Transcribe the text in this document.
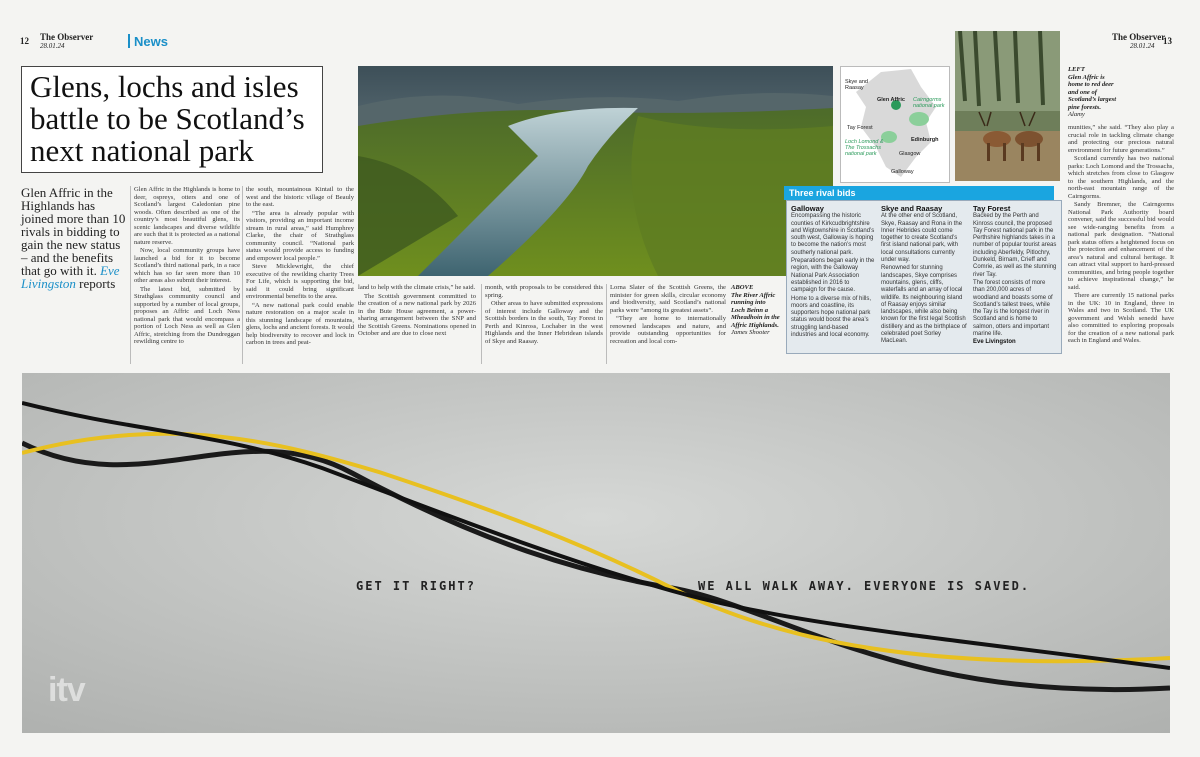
12 The Observer
28.01.24	News	The Observer
28.01.24 13
Glens, lochs and isles battle to be Scotland’s next national park
Glen Affric in the Highlands has joined more than 10 rivals in bidding to gain the new status – and the benefits that go with it. Eve Livingston reports

Glen Affric in the Highlands is home to deer, ospreys, otters and one of Scotland’s largest Caledonian pine woods. Often described as one of the country’s most beautiful glens, its scenic landscapes and diverse wildlife are such that it is protected as a national nature reserve.

Now, local community groups have launched a bid for it to become Scotland’s third national park, in a race which has so far seen more than 10 other areas also submit their interest.

The latest bid, submitted by Strathglass community council and supported by a number of local groups, proposes an Affric and Loch Ness national park that would encompass a portion of Loch Ness as well as Glen Affric, stretching from the Dundreggan rewilding centre to

the south, mountainous Kintail to the west and the historic village of Beauly to the east.

“The area is already popular with visitors, providing an important income stream in rural areas,” said Humphrey Clarke, the chair of Strathglass community council. “National park status would provide access to funding and empower local people.”

Steve Micklewright, the chief executive of the rewilding charity Trees For Life, which is supporting the bid, said it could bring significant environmental benefits to the area.

“A new national park could enable nature restoration on a major scale in this stunning landscape of mountains, glens, lochs and ancient forests. It would help biodiversity to recover and lock in carbon in trees and peat-

Skye and Raasay
Glen Affric Cairngorms national park
Tay Forest
Edinburgh
Loch Lomond & The Trossachs national park	Glasgow
Galloway
LEFT
Glen Affric is home to red deer and one of Scotland’s largest pine forests. Alamy

land to help with the climate crisis,” he said.

The Scottish government committed to the creation of a new national park by 2026 in the Bute House agreement, a power-sharing arrangement between the SNP and the Scottish Greens. Nominations opened in October and are due to close next

month, with proposals to be considered this spring.

Other areas to have submitted expressions of interest include Galloway and the Scottish borders in the south, Tay Forest in Perth and Kinross, Lochaber in the west Highlands and the Inner Hebridean islands of Skye and Raasay.

Lorna Slater of the Scottish Greens, the minister for green skills, circular economy and biodiversity, said Scotland’s national parks were “among its greatest assets”.

“They are home to internationally renowned landscapes and nature, and provide outstanding opportunities for recreation and local com-

ABOVE
The River Affric running into Loch Beinn a Mheadhoin in the Affric Highlands.
James Shooter
Three rival bids
Galloway

Encompassing the historic counties of Kirkcudbrightshire and Wigtownshire in Scotland’s south west, Galloway is hoping to become the nation’s most southerly national park.

Preparations began early in the region, with the Galloway National Park Association established in 2016 to campaign for the cause.

Home to a diverse mix of hills, moors and coastline, its supporters hope national park status would boost the area’s struggling land-based industries and local economy.

Skye and Raasay

At the other end of Scotland, Skye, Raasay and Rona in the Inner Hebrides could come together to create Scotland’s first island national park, with local consultations currently under way.

Renowned for stunning landscapes, Skye comprises mountains, glens, cliffs, waterfalls and an array of local wildlife. Its neighbouring island of Raasay enjoys similar landscapes, while also being known for the first legal Scottish distillery and as the birthplace of celebrated poet Sorley MacLean.

Tay Forest

Backed by the Perth and Kinross council, the proposed Tay Forest national park in the Perthshire highlands takes in a number of popular tourist areas including Aberfeldy, Pitlochry, Dunkeld, Birnam, Crieff and Comrie, as well as the stunning river Tay.

The forest consists of more than 200,000 acres of woodland and boasts some of Scotland’s tallest trees, while the Tay is the longest river in Scotland and is home to salmon, otters and important marine life.

Eve Livingston

munities,” she said. “They also play a crucial role in tackling climate change and protecting our precious natural environment for future generations.”

Scotland currently has two national parks: Loch Lomond and the Trossachs, which stretches from close to Glasgow to the southern Highlands, and the north-east mountain range of the Cairngorms.

Sandy Bremner, the Cairngorms National Park Authority board convener, said the successful bid would see wide-ranging benefits from a national park designation. “National park status offers a heightened focus on the protection and enhancement of the area’s natural and cultural heritage. It can attract vital support to hard-pressed communities, and bring people together to achieve inspirational change,” he said.

There are currently 15 national parks in the UK: 10 in England, three in Wales and two in Scotland. The UK government and Welsh senedd have also committed to exploring proposals for the creation of a new national park each in England and Wales.

GET IT RIGHT?	WE ALL WALK AWAY. EVERYONE IS SAVED.
itv
